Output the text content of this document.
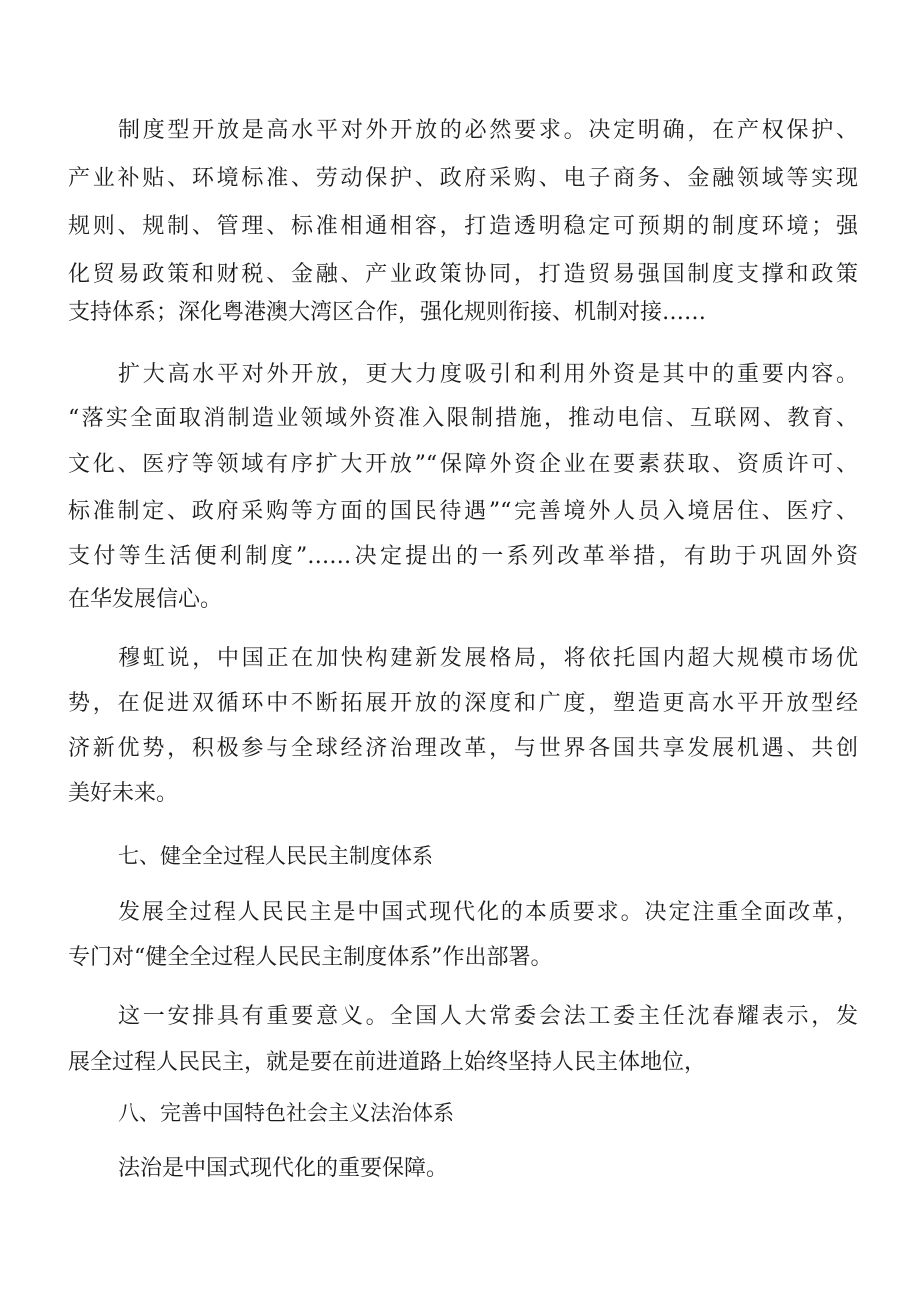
制度型开放是高水平对外开放的必然要求。决定明确，在产权保护、
产业补贴、环境标准、劳动保护、政府采购、电子商务、金融领域等实现
规则、规制、管理、标准相通相容，打造透明稳定可预期的制度环境；强
化贸易政策和财税、金融、产业政策协同，打造贸易强国制度支撑和政策
支持体系；深化粤港澳大湾区合作，强化规则衔接、机制对接……
扩大高水平对外开放，更大力度吸引和利用外资是其中的重要内容。
“落实全面取消制造业领域外资准入限制措施，推动电信、互联网、教育、
文化、医疗等领域有序扩大开放”“保障外资企业在要素获取、资质许可、
标准制定、政府采购等方面的国民待遇”“完善境外人员入境居住、医疗、
支付等生活便利制度”……决定提出的一系列改革举措，有助于巩固外资
在华发展信心。
穆虹说，中国正在加快构建新发展格局，将依托国内超大规模市场优
势，在促进双循环中不断拓展开放的深度和广度，塑造更高水平开放型经
济新优势，积极参与全球经济治理改革，与世界各国共享发展机遇、共创
美好未来。
七、健全全过程人民民主制度体系
发展全过程人民民主是中国式现代化的本质要求。决定注重全面改革，
专门对“健全全过程人民民主制度体系”作出部署。
这一安排具有重要意义。全国人大常委会法工委主任沈春耀表示，发
展全过程人民民主，就是要在前进道路上始终坚持人民主体地位，
八、完善中国特色社会主义法治体系
法治是中国式现代化的重要保障。
